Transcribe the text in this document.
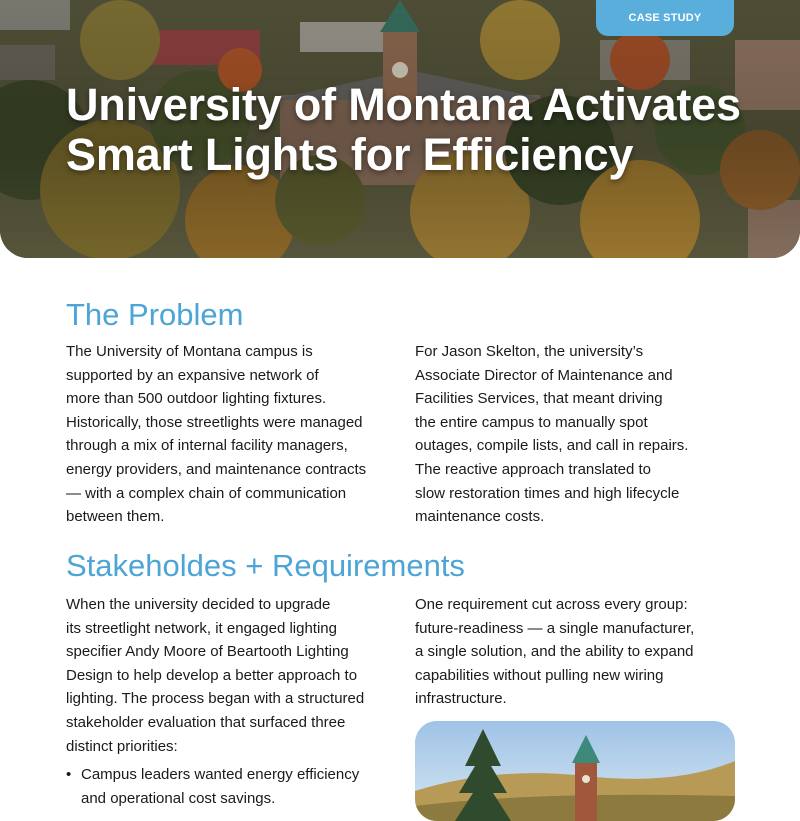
CASE STUDY
University of Montana Activates
Smart Lights for Efficiency
The Problem

The University of Montana campus is
supported by an expansive network of
more than 500 outdoor lighting fixtures.
Historically, those streetlights were managed
through a mix of internal facility managers,
energy providers, and maintenance contracts
— with a complex chain of communication
between them.

For Jason Skelton, the university’s
Associate Director of Maintenance and
Facilities Services, that meant driving
the entire campus to manually spot
outages, compile lists, and call in repairs.
The reactive approach translated to
slow restoration times and high lifecycle
maintenance costs.

Stakeholdes + Requirements

When the university decided to upgrade
its streetlight network, it engaged lighting
specifier Andy Moore of Beartooth Lighting
Design to help develop a better approach to
lighting. The process began with a structured
stakeholder evaluation that surfaced three
distinct priorities:

• Campus leaders wanted energy efficiency
and operational cost savings.

One requirement cut across every group:
future-readiness — a single manufacturer,
a single solution, and the ability to expand
capabilities without pulling new wiring
infrastructure.
